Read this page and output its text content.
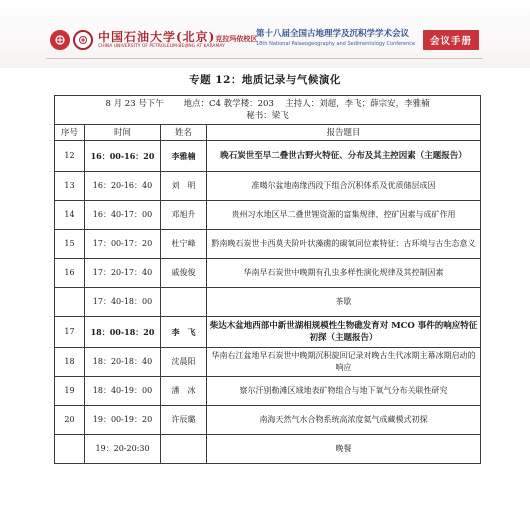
中国石油大学(北京)克拉玛依校区
CHINA UNIVERSITY OF PETROLEUM-BEIJING AT KARAMAY
第十八届全国古地理学及沉积学学术会议
18th National Palaeogeography and Sedimentology Conference	会议手册
专题 12：地质记录与气候演化
8 月 23 号下午　　 地点：C4 教学楼：203　 主持人：刘超，李飞；薛宗安，李雅楠
秘书：梁飞			

序号	时间	姓名	报告题目
12	16：00-16：20	李雅楠	晚石炭世至早二叠世古野火特征、分布及其主控因素（主题报告）
13	16：20-16：40	刘　明	准噶尔盆地南缘西段下组合沉积体系及优质储层成因
14	16：40-17：00	邓旭升	贵州习水地区早二叠世锂资源的富集规律、控矿因素与成矿作用
15	17：00-17：20	杜宁峰	黔南晚石炭世卡西莫夫阶叶状藻礁的碳氧同位素特征：古环境与古生态意义
16	17：20-17：40	戚俊俊	华南早石炭世中晚期有孔虫多样性演化规律及其控制因素
	17：40-18：00		茶歇
17	18：00-18：20	李　飞	柴达木盆地西部中新世湖相规模性生物礁发育对 MCO 事件的响应特征初探（主题报告）
18	18：20-18：40	沈晨阳	华南右江盆地早石炭世中晚期沉积旋回记录对晚古生代冰期主幕冰期启动的响应
19	18：40-19：00	潘　冰	察尔汗别勒滩区域地表矿物组合与地下氧气分布关联性研究
20	19：00-19：20	许辰璐	南海天然气水合物系统高浓度氦气成藏模式初探
	19：20-20:30		晚餐
